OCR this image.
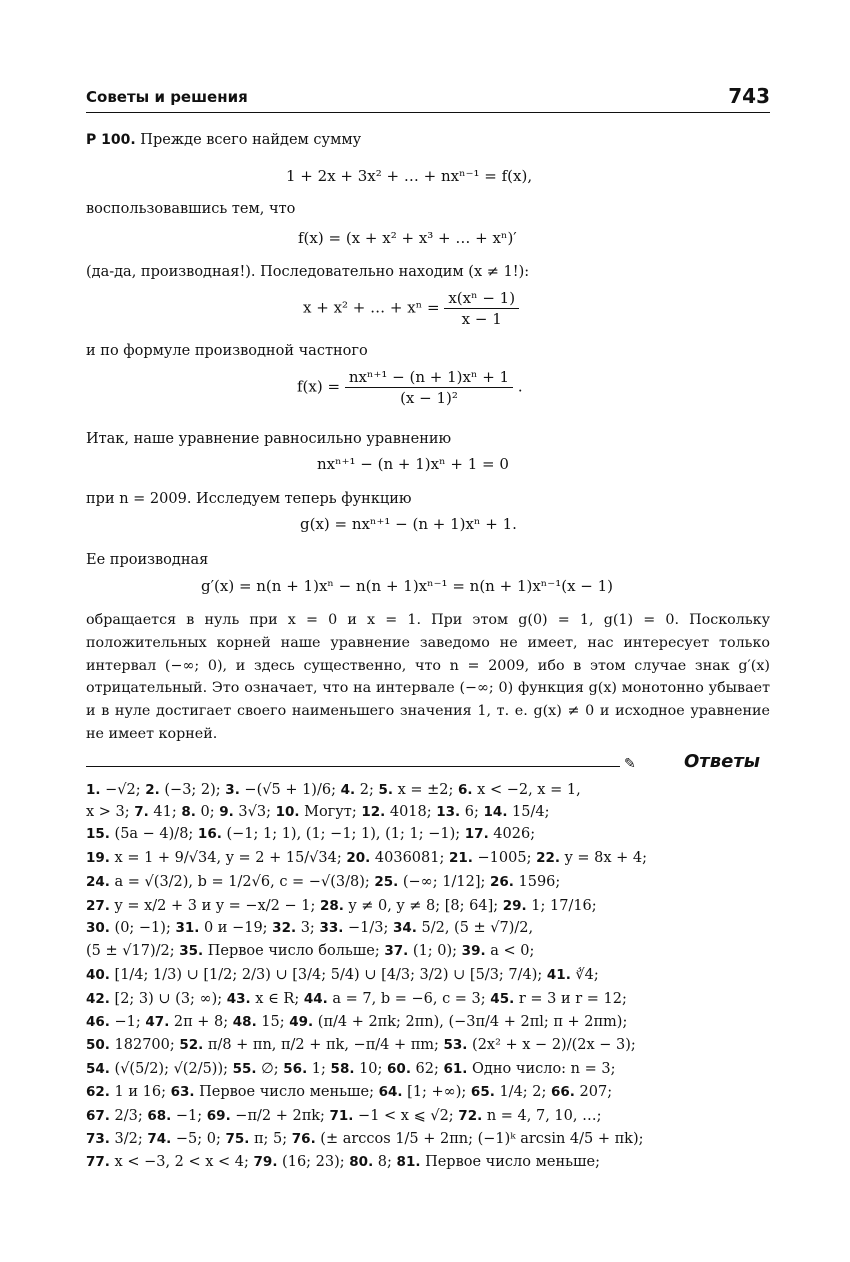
Советы и решения	743
P 100. Прежде всего найдем сумму
1 + 2x + 3x² + … + nxⁿ⁻¹ = f(x),
воспользовавшись тем, что
f(x) = (x + x² + x³ + … + xⁿ)′
(да-да, производная!). Последовательно находим (x ≠ 1!):
x + x² + … + $x^n = \frac{\text{x(xⁿ − 1)}}{x - 1}$
и по формуле производной частного
$f(x) = \frac{\text{nxⁿ⁺¹ − (n + 1)xⁿ + 1}}{\text{(x − 1)²}}$ .
Итак, наше уравнение равносильно уравнению
nxⁿ⁺¹ − (n + 1)xⁿ + 1 = 0
при n = 2009. Исследуем теперь функцию
g(x) = nxⁿ⁺¹ − (n + 1)xⁿ + 1.
Ее производная
g′(x) = n(n + 1)xⁿ − n(n + 1)xⁿ⁻¹ = n(n + 1)xⁿ⁻¹(x − 1)
обращается в нуль при x = 0 и x = 1. При этом g(0) = 1, g(1) = 0. Поскольку положительных корней наше уравнение заведомо не имеет, нас интересует только интервал (−∞; 0), и здесь существенно, что n = 2009, ибо в этом случае знак g′(x) отрицательный. Это означает, что на интервале (−∞; 0) функция g(x) монотонно убывает и в нуле достигает своего наименьшего значения 1, т. е. g(x) ≠ 0 и исходное уравнение не имеет корней.
✎	Ответы
1. −√2; 2. (−3; 2); 3. −(√5 + 1)/6; 4. 2; 5. x = ±2; 6. x < −2, x = 1,
x > 3; 7. 41; 8. 0; 9. 3√3; 10. Могут; 12. 4018; 13. 6; 14. 15/4;
15. (5a − 4)/8; 16. (−1; 1; 1), (1; −1; 1), (1; 1; −1); 17. 4026;
19. x = 1 + 9/√34, y = 2 + 15/√34; 20. 4036081; 21. −1005; 22. y = 8x + 4;
24. a = √(3/2), b = 1/2√6, c = −√(3/8); 25. (−∞; 1/12]; 26. 1596;
27. y = x/2 + 3 и y = −x/2 − 1; 28. y ≠ 0, y ≠ 8; [8; 64]; 29. 1; 17/16;
30. (0; −1); 31. 0 и −19; 32. 3; 33. −1/3; 34. 5/2, (5 ± √7)/2,
(5 ± √17)/2; 35. Первое число больше; 37. (1; 0); 39. a < 0;
40. [1/4; 1/3) ∪ [1/2; 2/3) ∪ [3/4; 5/4) ∪ [4/3; 3/2) ∪ [5/3; 7/4); 41. ∛4;
42. [2; 3) ∪ (3; ∞); 43. x ∈ R; 44. a = 7, b = −6, c = 3; 45. r = 3 и r = 12;
46. −1; 47. 2π + 8; 48. 15; 49. (π/4 + 2πk; 2πn), (−3π/4 + 2πl; π + 2πm);
50. 182700; 52. π/8 + πn, π/2 + πk, −π/4 + πm; 53. (2x² + x − 2)/(2x − 3);
54. (√(5/2); √(2/5)); 55. ∅; 56. 1; 58. 10; 60. 62; 61. Одно число: n = 3;
62. 1 и 16; 63. Первое число меньше; 64. [1; +∞); 65. 1/4; 2; 66. 207;
67. 2/3; 68. −1; 69. −π/2 + 2πk; 71. −1 < x ⩽ √2; 72. n = 4, 7, 10, …;
73. 3/2; 74. −5; 0; 75. π; 5; 76. (± arccos 1/5 + 2πn; (−1)ᵏ arcsin 4/5 + πk);
77. x < −3, 2 < x < 4; 79. (16; 23); 80. 8; 81. Первое число меньше;
